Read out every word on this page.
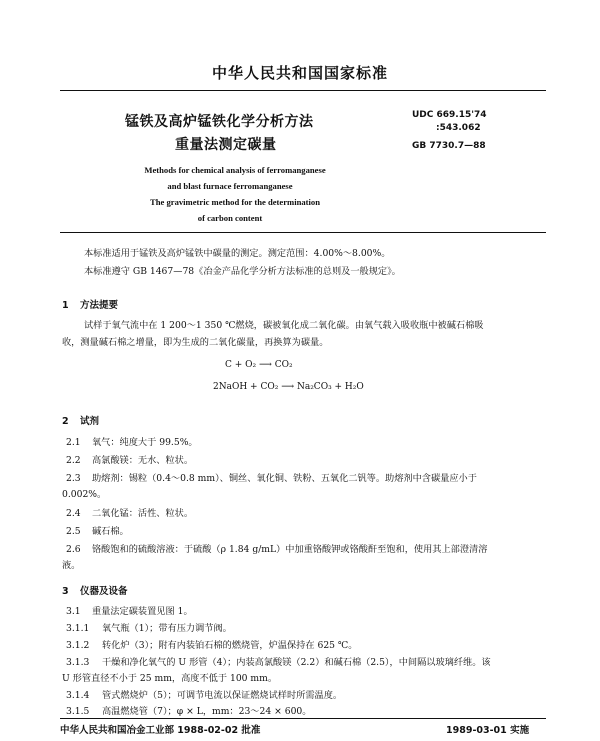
中华人民共和国国家标准
锰铁及高炉锰铁化学分析方法
重量法测定碳量
UDC 669.15'74
:543.062
GB 7730.7—88
Methods for chemical analysis of ferromanganese
and blast furnace ferromanganese
The gravimetric method for the determination
of carbon content
本标准适用于锰铁及高炉锰铁中碳量的测定。测定范围：4.00%～8.00%。
本标准遵守 GB 1467—78《冶金产品化学分析方法标准的总则及一般规定》。
1 方法提要
试样于氧气流中在 1 200～1 350 ℃燃烧，碳被氧化成二氧化碳。由氧气载入吸收瓶中被碱石棉吸
收，测量碱石棉之增量，即为生成的二氧化碳量，再换算为碳量。
C + O₂ ⟶ CO₂
2NaOH + CO₂ ⟶ Na₂CO₃ + H₂O
2 试剂
2.1 氧气：纯度大于 99.5%。
2.2 高氯酸镁：无水、粒状。
2.3 助熔剂：锡粒（0.4～0.8 mm）、铜丝、氧化铜、铁粉、五氧化二钒等。助熔剂中含碳量应小于
0.002%。
2.4 二氧化锰：活性、粒状。
2.5 碱石棉。
2.6 铬酸饱和的硫酸溶液：于硫酸（ρ 1.84 g/mL）中加重铬酸钾或铬酸酐至饱和，使用其上部澄清溶
液。
3 仪器及设备
3.1 重量法定碳装置见图 1。
3.1.1 氧气瓶（1）；带有压力调节阀。
3.1.2 转化炉（3）；附有内装铂石棉的燃烧管，炉温保持在 625 ℃。
3.1.3 干燥和净化氧气的 U 形管（4）；内装高氯酸镁（2.2）和碱石棉（2.5），中间隔以玻璃纤维。该
U 形管直径不小于 25 mm，高度不低于 100 mm。
3.1.4 管式燃烧炉（5）；可调节电流以保证燃烧试样时所需温度。
3.1.5 高温燃烧管（7）；φ × L，mm：23～24 × 600。
中华人民共和国冶金工业部 1988-02-02 批准	1989-03-01 实施
